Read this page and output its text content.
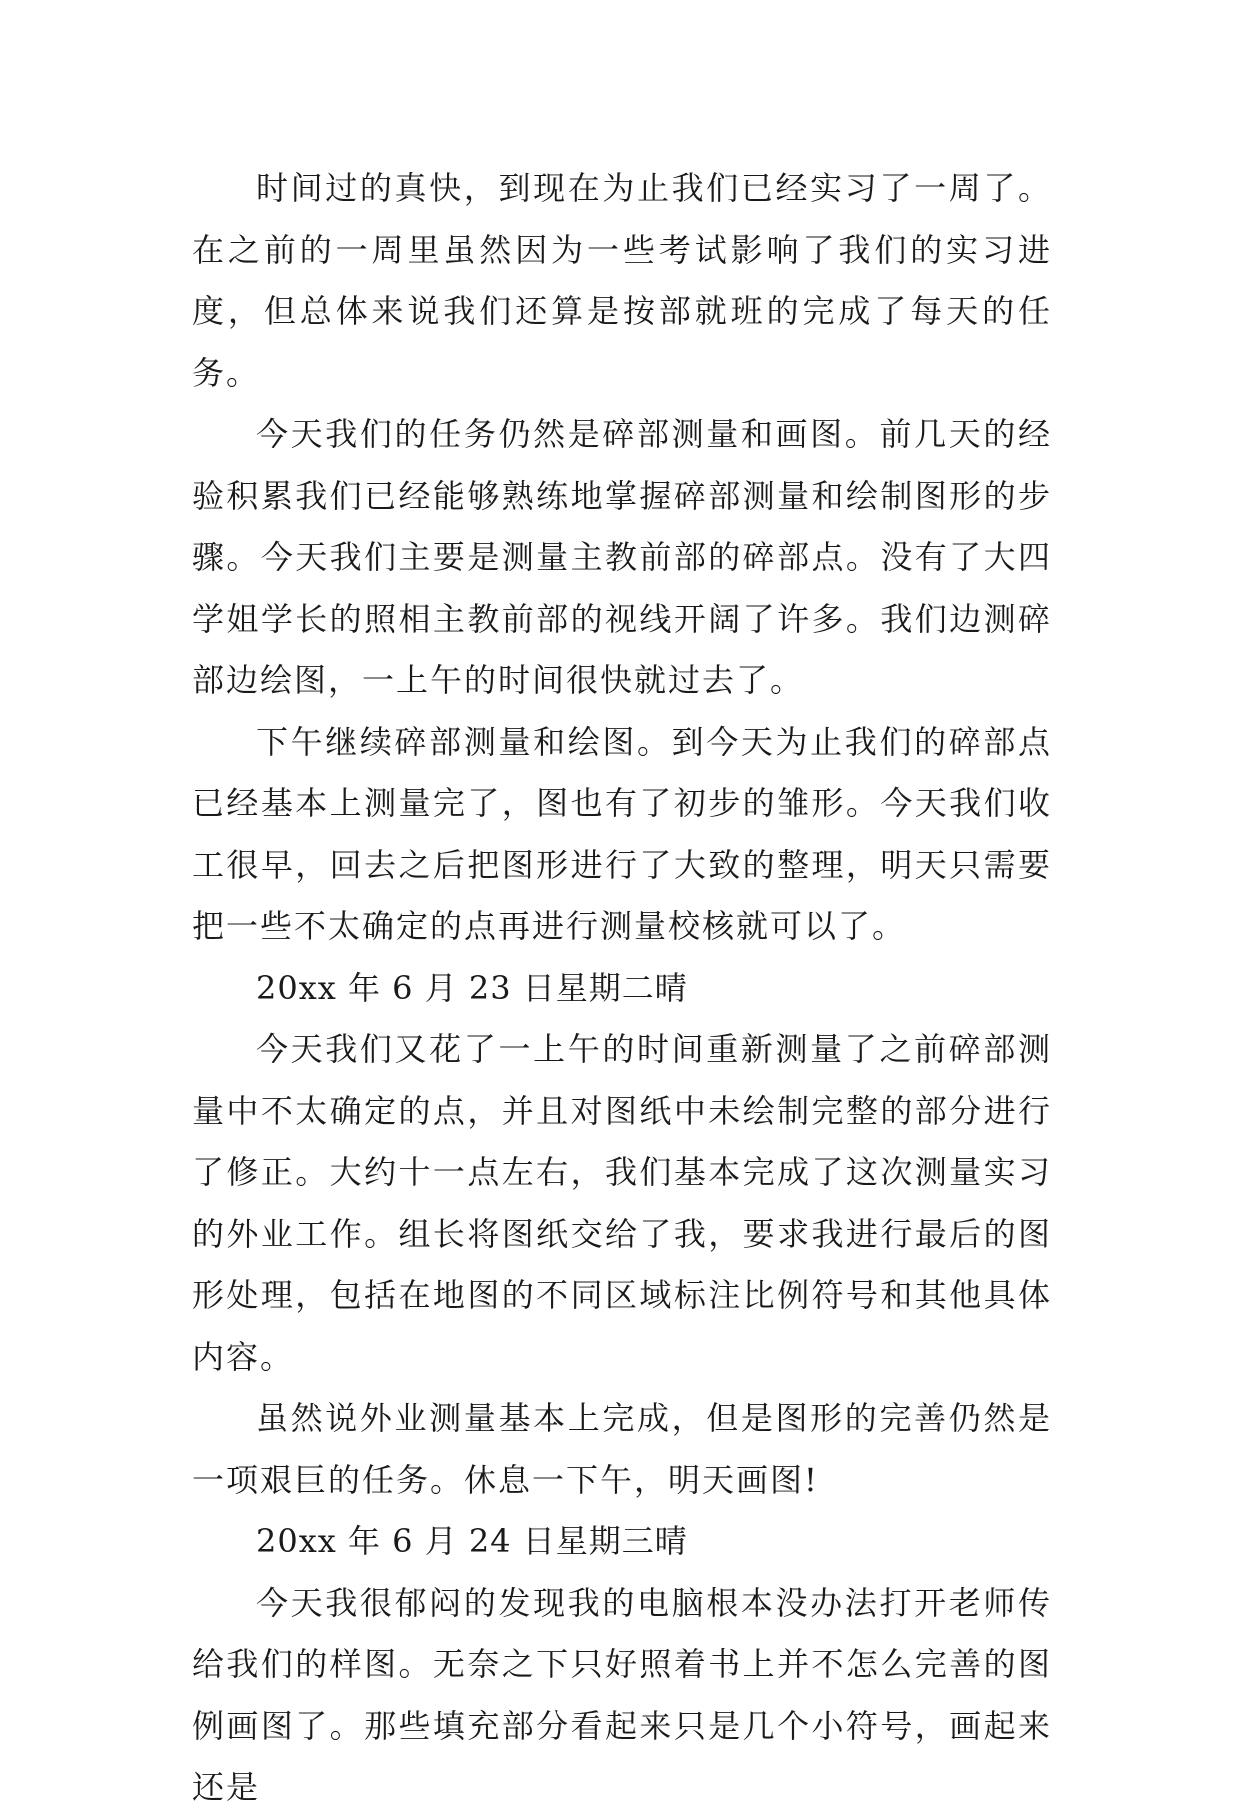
时间过的真快，到现在为止我们已经实习了一周了。在之前的一周里虽然因为一些考试影响了我们的实习进度，但总体来说我们还算是按部就班的完成了每天的任务。

今天我们的任务仍然是碎部测量和画图。前几天的经验积累我们已经能够熟练地掌握碎部测量和绘制图形的步骤。今天我们主要是测量主教前部的碎部点。没有了大四学姐学长的照相主教前部的视线开阔了许多。我们边测碎部边绘图，一上午的时间很快就过去了。

下午继续碎部测量和绘图。到今天为止我们的碎部点已经基本上测量完了，图也有了初步的雏形。今天我们收工很早，回去之后把图形进行了大致的整理，明天只需要把一些不太确定的点再进行测量校核就可以了。

20xx 年 6 月 23 日星期二晴

今天我们又花了一上午的时间重新测量了之前碎部测量中不太确定的点，并且对图纸中未绘制完整的部分进行了修正。大约十一点左右，我们基本完成了这次测量实习的外业工作。组长将图纸交给了我，要求我进行最后的图形处理，包括在地图的不同区域标注比例符号和其他具体内容。

虽然说外业测量基本上完成，但是图形的完善仍然是一项艰巨的任务。休息一下午，明天画图!

20xx 年 6 月 24 日星期三晴

今天我很郁闷的发现我的电脑根本没办法打开老师传给我们的样图。无奈之下只好照着书上并不怎么完善的图例画图了。那些填充部分看起来只是几个小符号，画起来还是
